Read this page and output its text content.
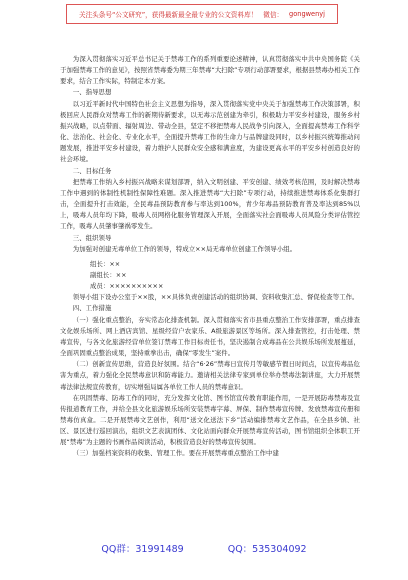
关注头条号“公文研究”，获得最新最全最专业的公文资料库！ 微信： gongwenyj

为深入贯彻落实习近平总书记关于禁毒工作的系列重要论述精神，认真贯彻落实中共中央国务院《关于加强禁毒工作的意见》，按照省禁毒委为期三年禁毒“大扫除”专项行动部署要求，根据县禁毒办相关工作要求，结合工作实际，特制定本方案。

一、指导思想

以习近平新时代中国特色社会主义思想为指导，深入贯彻落实党中央关于加强禁毒工作决策部署，积极回应人民群众对禁毒工作的新期待新要求，以无毒示范创建为牵引，积极助力平安乡村建设，服务乡村振兴战略，以点带面、辐射周边、带动全县，坚定不移把禁毒人民战争引向深入，全面提高禁毒工作科学化、法治化、社会化、专业化水平，全面提升禁毒工作的生命力与品牌建设同时，以乡村振兴统筹推动问题发展，推进平安乡村建设，着力维护人民群众安全感和满意度，为建设更高水平的平安乡村创造良好的社会环境。

二、目标任务

把禁毒工作纳入乡村振兴战略来谋划部署，纳入文明创建、平安创建、绩效考核范围，及时解决禁毒工作中遇到的体制性机制性保障性难题。深入推进禁毒“大扫除”专项行动，持续推进禁毒体系化集群打击，全面提升打击效能，全民毒品预防教育参与率达到100%，青少年毒品预防教育普及率达到85%以上，吸毒人员年均下降，吸毒人员网格化服务管理深入开展，全面落实社会面吸毒人员风险分类评估管控工作，吸毒人员肇事肇祸零发生。

三、组织领导

为加强对创建无毒单位工作的领导，特成立××局无毒单位创建工作领导小组。

组长：××

副组长：××

成员：××××××××××

领导小组下设办公室于××股，××具体负责创建活动的组织协调、资料收集汇总、督促检查等工作。

四、工作措施

（一）强化重点整治，夯实常态化排查机制。深入贯彻落实省市县重点整治工作安排部署，重点排查文化娱乐场所、网上酒店宾馆、星级经营户农家乐、A级旅游景区等场所。深入排查管控，打击处理、禁毒宣传，与各文化旅游经营单位签订禁毒工作目标责任书，坚决遏制合成毒品在公共娱乐场所发展蔓延，全面巩固重点整治成果，坚持重拳出击，确保“零发生”案件。

（二）创新宣传思维，营造良好氛围。结合“6·26”禁毒日宣传月等敏感节假日时间点，以宣传毒品危害为重点，着力强化全民禁毒意识和防毒能力。邀请相关法律专家到单位举办禁毒法制讲座，大力开展禁毒法律法规宣传教育，切实增强局属各单位工作人员的禁毒意识。

在巩固禁毒、防毒工作的同时，充分发挥文化馆、图书馆宣传教育职能作用，一是开展防毒禁毒及宣传报道教育工作，并给全县文化旅游娱乐场所安装禁毒字幕、屏保、制作禁毒宣传牌、发放禁毒宣传册和禁毒仿真盒。二是开展禁毒文艺创作，利用“送文化送法下乡”活动编排禁毒文艺作品，在全县乡镇、社区、景区进行巡回演出，组织文艺表演团体、文化站面向群众开展禁毒宣传活动，图书馆组织全体职工开展“禁毒”为主题的书画作品阅读活动，积极营造良好的禁毒宣传氛围。

（三）加强档案资料的收集、管理工作。要在开展禁毒重点整治工作中建

QQ群：31991489	QQ：535304092
